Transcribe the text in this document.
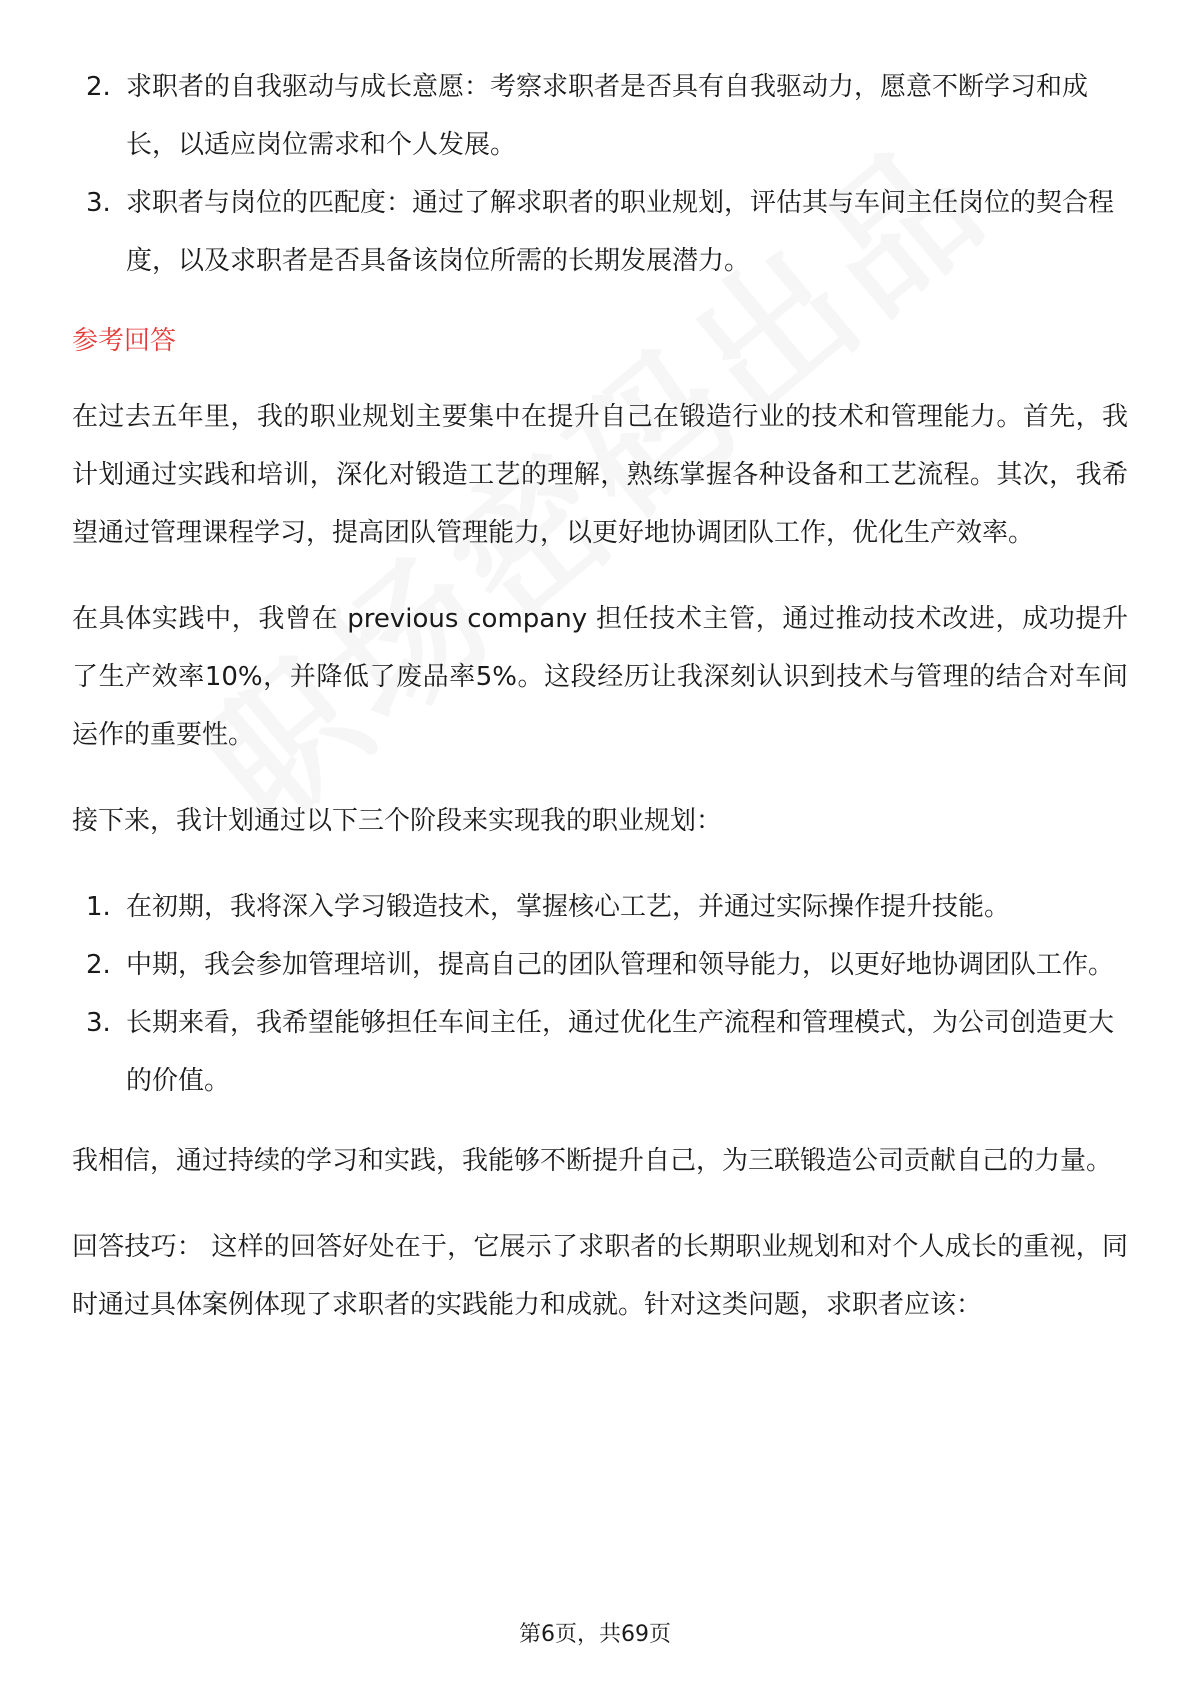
2. 求职者的自我驱动与成长意愿：考察求职者是否具有自我驱动力，愿意不断学习和成长，以适应岗位需求和个人发展。
3. 求职者与岗位的匹配度：通过了解求职者的职业规划，评估其与车间主任岗位的契合程度，以及求职者是否具备该岗位所需的长期发展潜力。
参考回答

在过去五年里，我的职业规划主要集中在提升自己在锻造行业的技术和管理能力。首先，我计划通过实践和培训，深化对锻造工艺的理解，熟练掌握各种设备和工艺流程。其次，我希望通过管理课程学习，提高团队管理能力，以更好地协调团队工作，优化生产效率。

在具体实践中，我曾在 previous company 担任技术主管，通过推动技术改进，成功提升了生产效率10%，并降低了废品率5%。这段经历让我深刻认识到技术与管理的结合对车间运作的重要性。

接下来，我计划通过以下三个阶段来实现我的职业规划：

1. 在初期，我将深入学习锻造技术，掌握核心工艺，并通过实际操作提升技能。
2. 中期，我会参加管理培训，提高自己的团队管理和领导能力，以更好地协调团队工作。
3. 长期来看，我希望能够担任车间主任，通过优化生产流程和管理模式，为公司创造更大的价值。

我相信，通过持续的学习和实践，我能够不断提升自己，为三联锻造公司贡献自己的力量。

回答技巧： 这样的回答好处在于，它展示了求职者的长期职业规划和对个人成长的重视，同时通过具体案例体现了求职者的实践能力和成就。针对这类问题，求职者应该：

第6页，共69页
